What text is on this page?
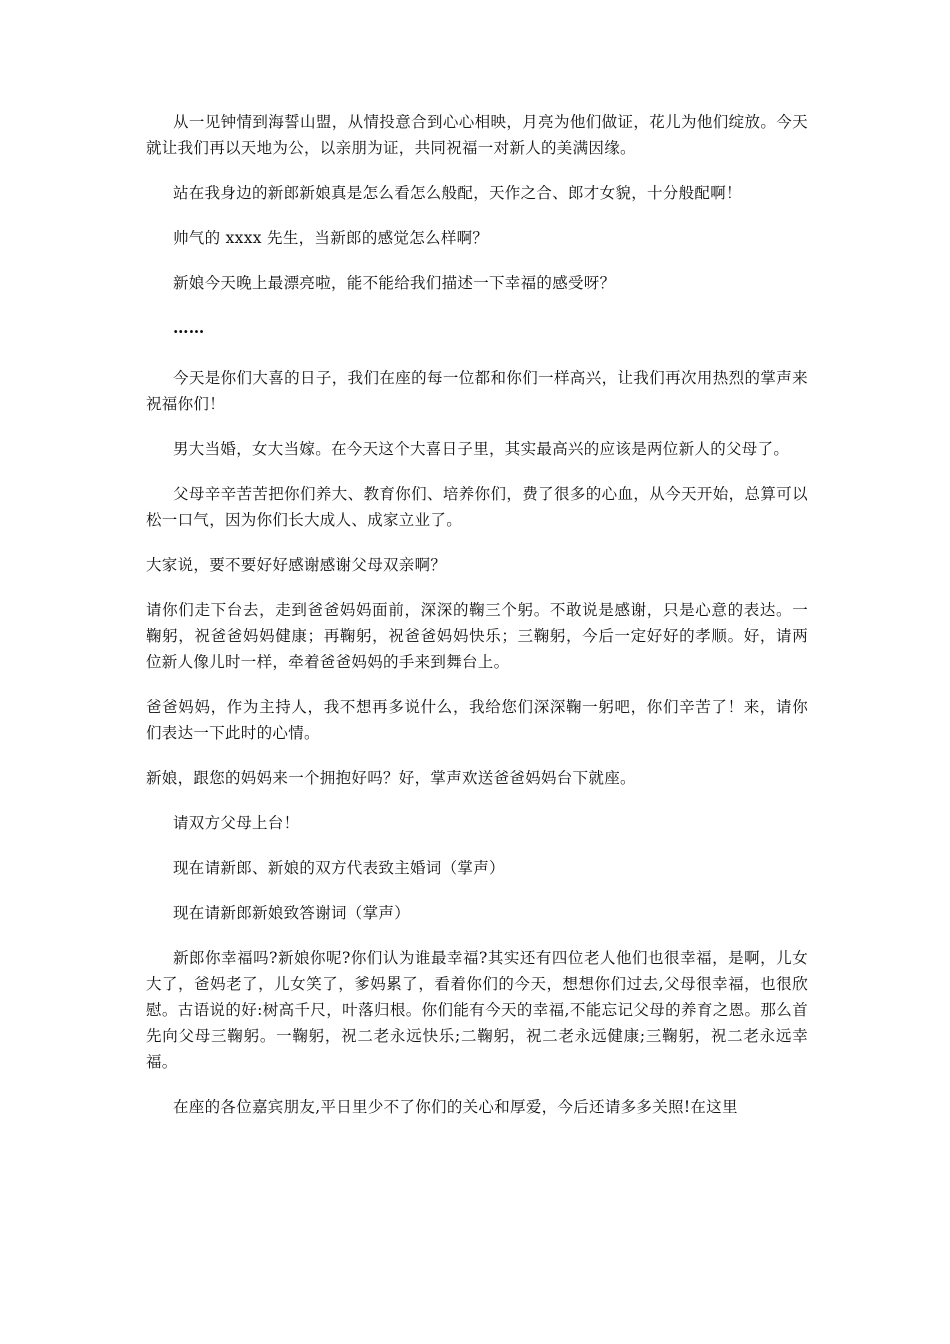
从一见钟情到海誓山盟，从情投意合到心心相映，月亮为他们做证，花儿为他们绽放。今天就让我们再以天地为公，以亲朋为证，共同祝福一对新人的美满因缘。

站在我身边的新郎新娘真是怎么看怎么般配，天作之合、郎才女貌，十分般配啊！

帅气的 xxxx 先生，当新郎的感觉怎么样啊？

新娘今天晚上最漂亮啦，能不能给我们描述一下幸福的感受呀？

……

今天是你们大喜的日子，我们在座的每一位都和你们一样高兴，让我们再次用热烈的掌声来祝福你们！

男大当婚，女大当嫁。在今天这个大喜日子里，其实最高兴的应该是两位新人的父母了。

父母辛辛苦苦把你们养大、教育你们、培养你们，费了很多的心血，从今天开始，总算可以松一口气，因为你们长大成人、成家立业了。

大家说，要不要好好感谢感谢父母双亲啊？

请你们走下台去，走到爸爸妈妈面前，深深的鞠三个躬。不敢说是感谢，只是心意的表达。一鞠躬，祝爸爸妈妈健康；再鞠躬，祝爸爸妈妈快乐；三鞠躬，今后一定好好的孝顺。好，请两位新人像儿时一样，牵着爸爸妈妈的手来到舞台上。

爸爸妈妈，作为主持人，我不想再多说什么，我给您们深深鞠一躬吧，你们辛苦了！来，请你们表达一下此时的心情。

新娘，跟您的妈妈来一个拥抱好吗？好，掌声欢送爸爸妈妈台下就座。

请双方父母上台！

现在请新郎、新娘的双方代表致主婚词（掌声）

现在请新郎新娘致答谢词（掌声）

新郎你幸福吗?新娘你呢?你们认为谁最幸福?其实还有四位老人他们也很幸福，是啊，儿女大了，爸妈老了，儿女笑了，爹妈累了，看着你们的今天，想想你们过去,父母很幸福，也很欣慰。古语说的好:树高千尺，叶落归根。你们能有今天的幸福,不能忘记父母的养育之恩。那么首先向父母三鞠躬。一鞠躬，祝二老永远快乐;二鞠躬，祝二老永远健康;三鞠躬，祝二老永远幸福。

在座的各位嘉宾朋友,平日里少不了你们的关心和厚爱，今后还请多多关照!在这里
